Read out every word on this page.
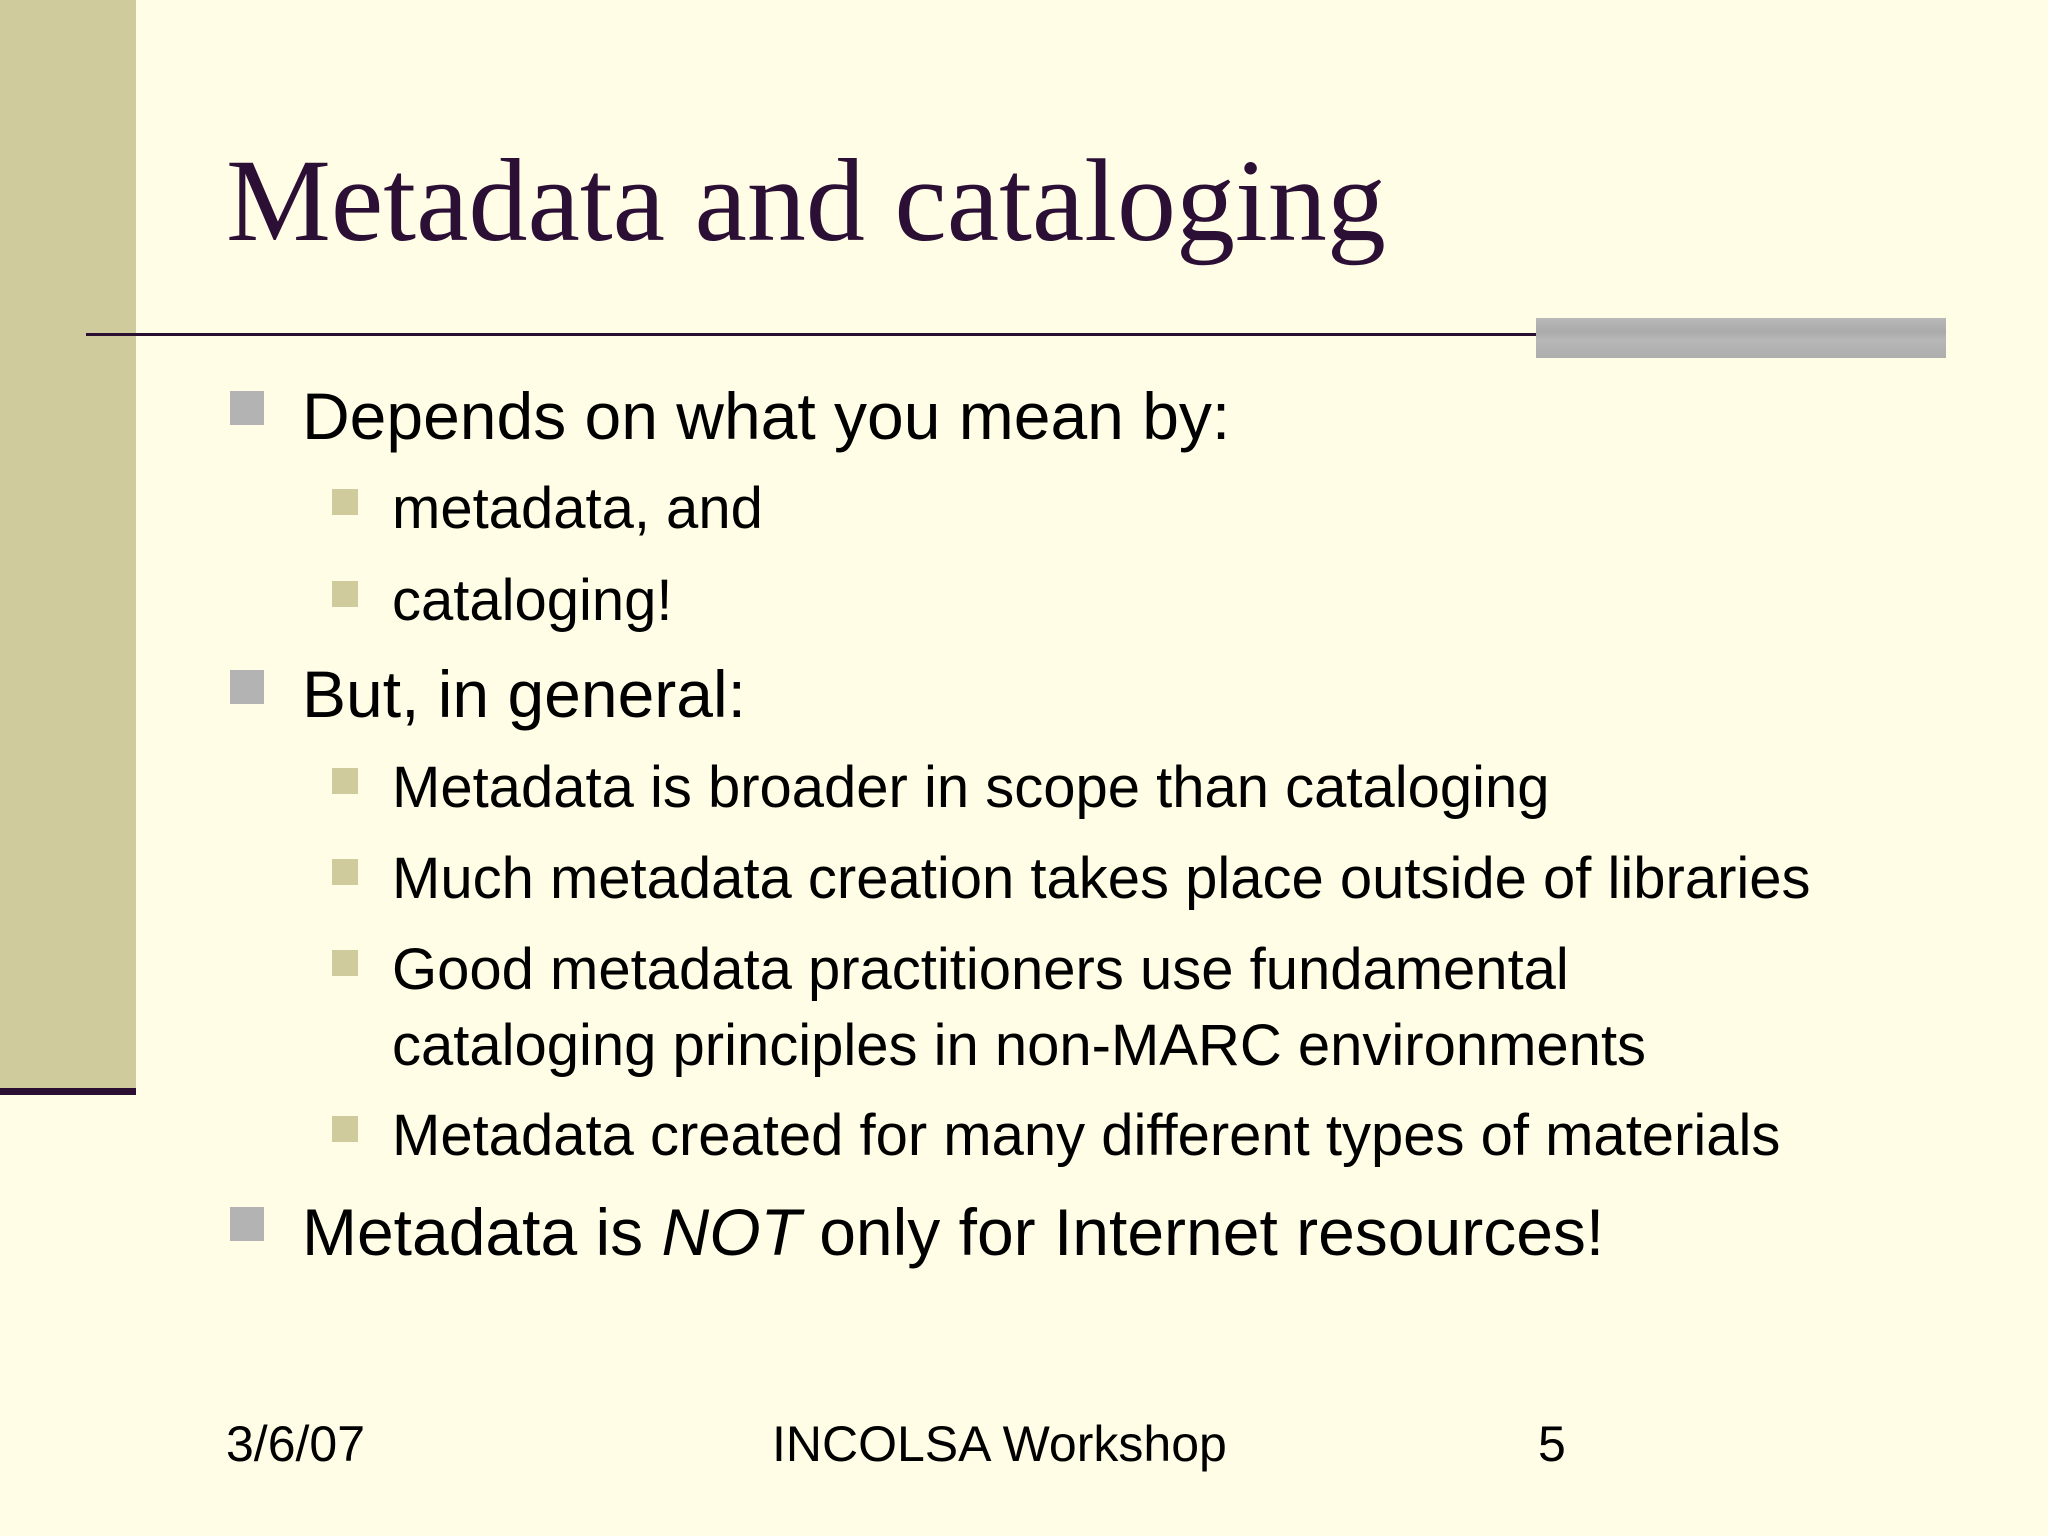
Metadata and cataloging
Depends on what you mean by:
metadata, and
cataloging!
But, in general:
Metadata is broader in scope than cataloging
Much metadata creation takes place outside of libraries
Good metadata practitioners use fundamental
cataloging principles in non-MARC environments
Metadata created for many different types of materials
Metadata is NOT only for Internet resources!
3/6/07	INCOLSA Workshop	5
